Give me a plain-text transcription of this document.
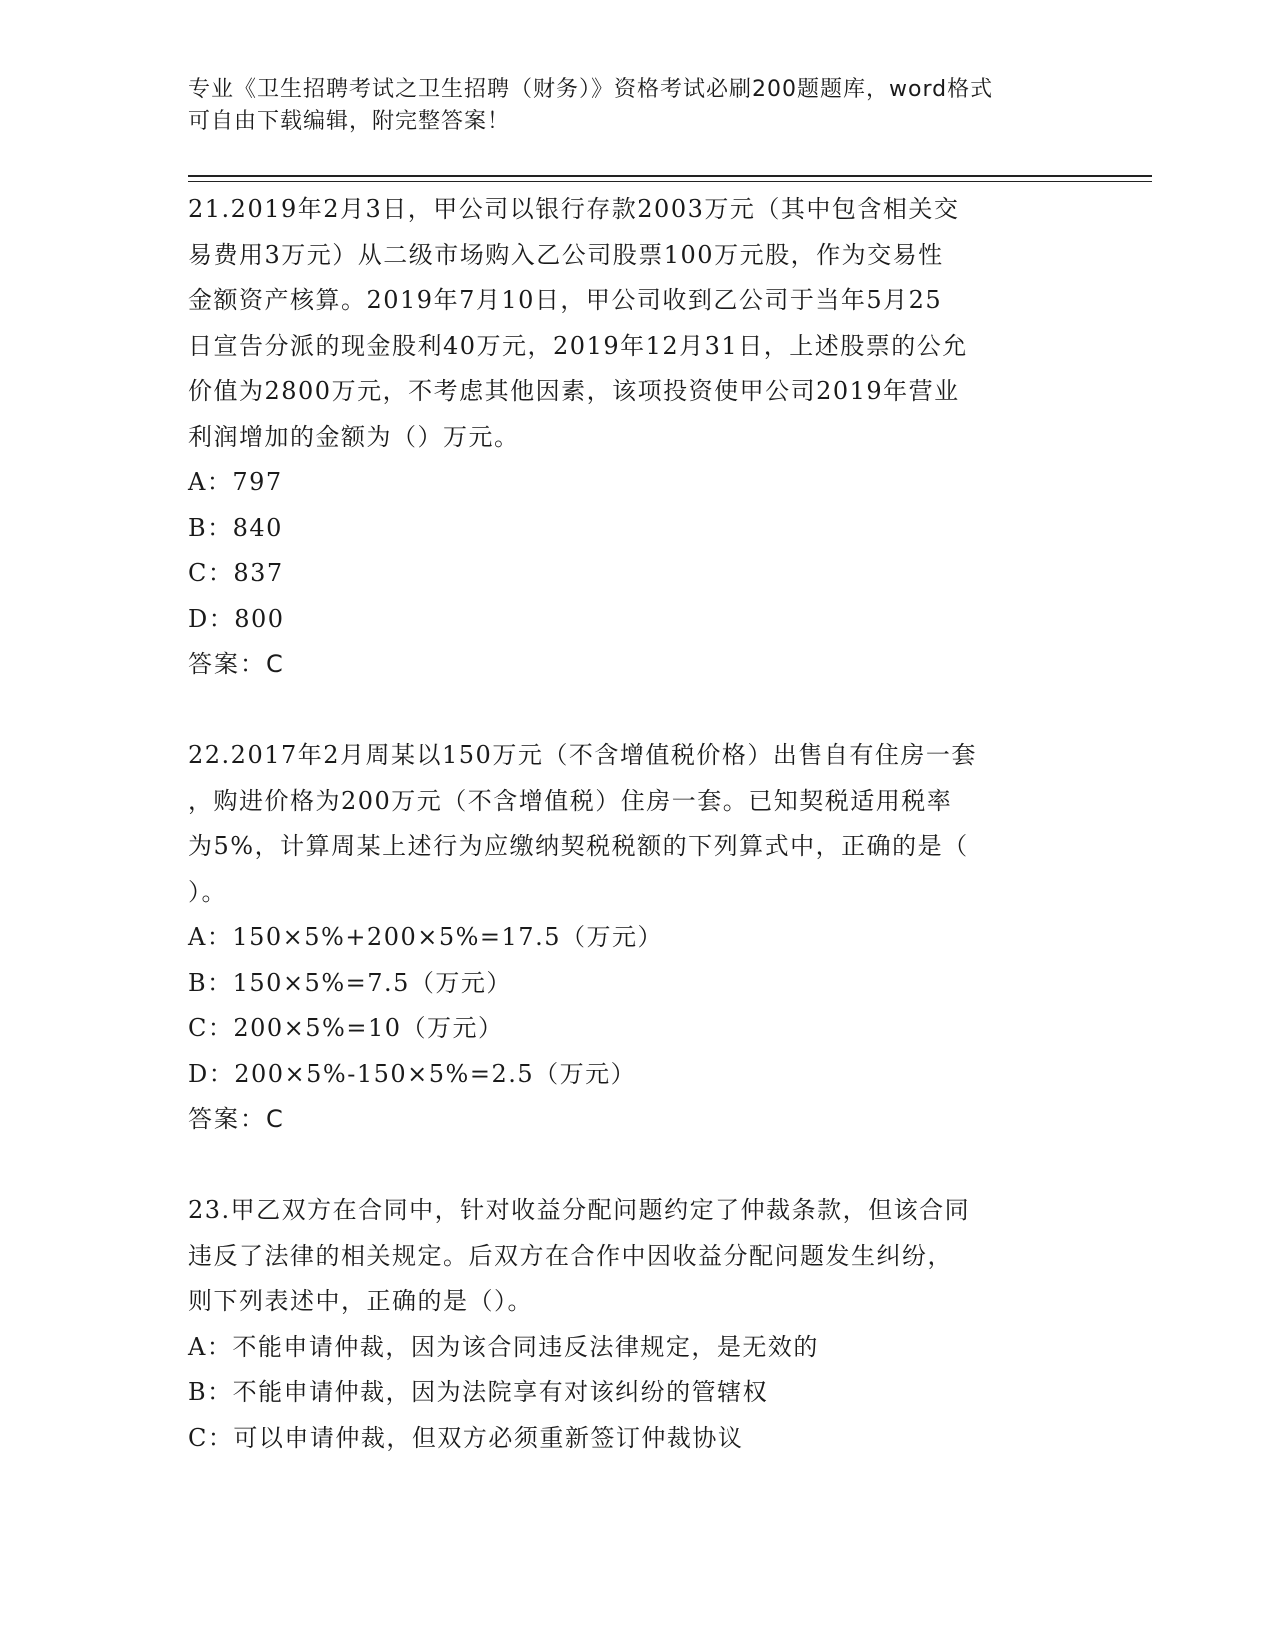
专业《卫生招聘考试之卫生招聘（财务）》资格考试必刷200题题库，word格式
可自由下载编辑，附完整答案！
21.2019年2月3日，甲公司以银行存款2003万元（其中包含相关交
易费用3万元）从二级市场购入乙公司股票100万元股，作为交易性
金额资产核算。2019年7月10日，甲公司收到乙公司于当年5月25
日宣告分派的现金股利40万元，2019年12月31日，上述股票的公允
价值为2800万元，不考虑其他因素，该项投资使甲公司2019年营业
利润增加的金额为（）万元。
A：797
B：840
C：837
D：800
答案：C
22.2017年2月周某以150万元（不含增值税价格）出售自有住房一套
，购进价格为200万元（不含增值税）住房一套。已知契税适用税率
为5%，计算周某上述行为应缴纳契税税额的下列算式中，正确的是（
）。
A：150×5%+200×5%=17.5（万元）
B：150×5%=7.5（万元）
C：200×5%=10（万元）
D：200×5%-150×5%=2.5（万元）
答案：C
23.甲乙双方在合同中，针对收益分配问题约定了仲裁条款，但该合同
违反了法律的相关规定。后双方在合作中因收益分配问题发生纠纷，
则下列表述中，正确的是（）。
A：不能申请仲裁，因为该合同违反法律规定，是无效的
B：不能申请仲裁，因为法院享有对该纠纷的管辖权
C：可以申请仲裁，但双方必须重新签订仲裁协议
